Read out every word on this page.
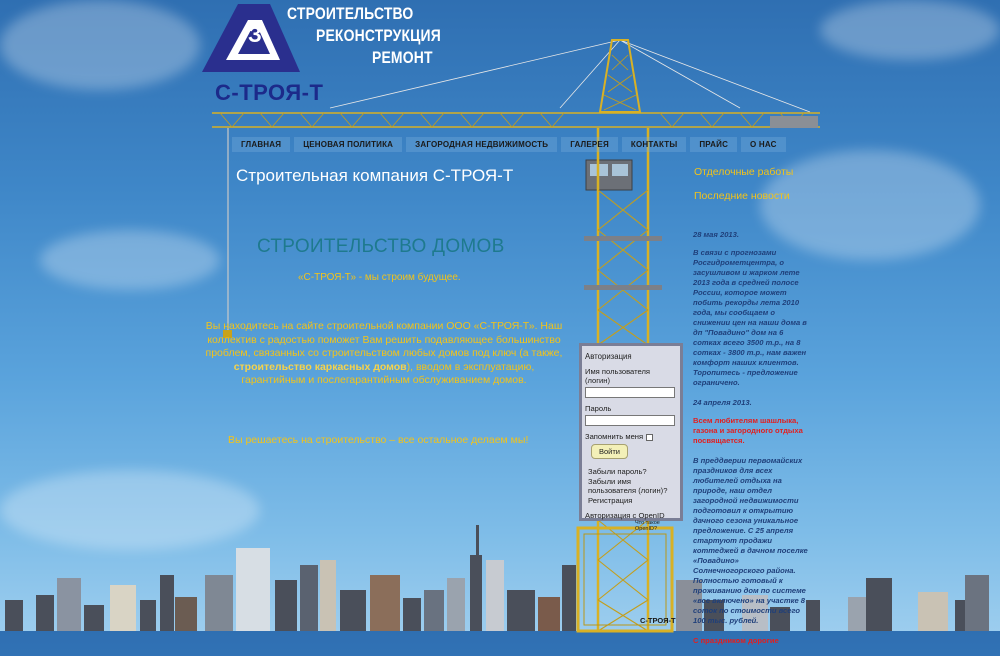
З
С-ТРОЯ-Т
СТРОИТЕЛЬСТВО
РЕКОНСТРУКЦИЯ
РЕМОНТ
ГЛАВНАЯ	ЦЕНОВАЯ ПОЛИТИКА	ЗАГОРОДНАЯ НЕДВИЖИМОСТЬ	ГАЛЕРЕЯ	КОНТАКТЫ	ПРАЙС	О НАС
Строительная компания С-ТРОЯ-Т
СТРОИТЕЛЬСТВО ДОМОВ
«С-ТРОЯ-Т» - мы строим будущее.
Вы находитесь на сайте строительной компании ООО «С-ТРОЯ-Т». Наш коллектив с радостью поможет Вам решить подавляющее большинство проблем, связанных со строительством любых домов под ключ (а также, строительство каркасных домов), вводом в эксплуатацию, гарантийным и послегарантийным обслуживанием домов.
Вы решаетесь на строительство – все остальное делаем мы!
Отделочные работы
Последние новости

28 мая 2013.

В связи с прогнозами Росгидрометцентра, о засушливом и жарком лете 2013 года в средней полосе России, которое может побить рекорды лета 2010 года, мы сообщаем о снижении цен на наши дома в дп "Повадино" дом на 6 сотках всего 3500 т.р., на 8 сотках - 3800 т.р., нам важен комфорт наших клиентов. Торопитесь - предложение ограничено.

24 апреля 2013.

Всем любителям шашлыка, газона и загородного отдыха посвящается.

В преддверии первомайских праздников для всех любителей отдыха на природе, наш отдел загородной недвижимости подготовил к открытию дачного сезона уникальное предложение. С 25 апреля стартуют продажи коттеджей в дачном поселке «Повадино» Солнечногорского района. Полностью готовый к проживанию дом по системе «все включено» на участке 8 соток по стоимости всего 100 тыс. рублей.

С праздником дорогие

Авторизация
Имя пользователя (логин)
Пароль
Запомнить меня
Войти
Забыли пароль?
Забыли имя пользователя (логин)?
Регистрация
Авторизация с OpenID
Что такое OpenID?
С-ТРОЯ-Т
